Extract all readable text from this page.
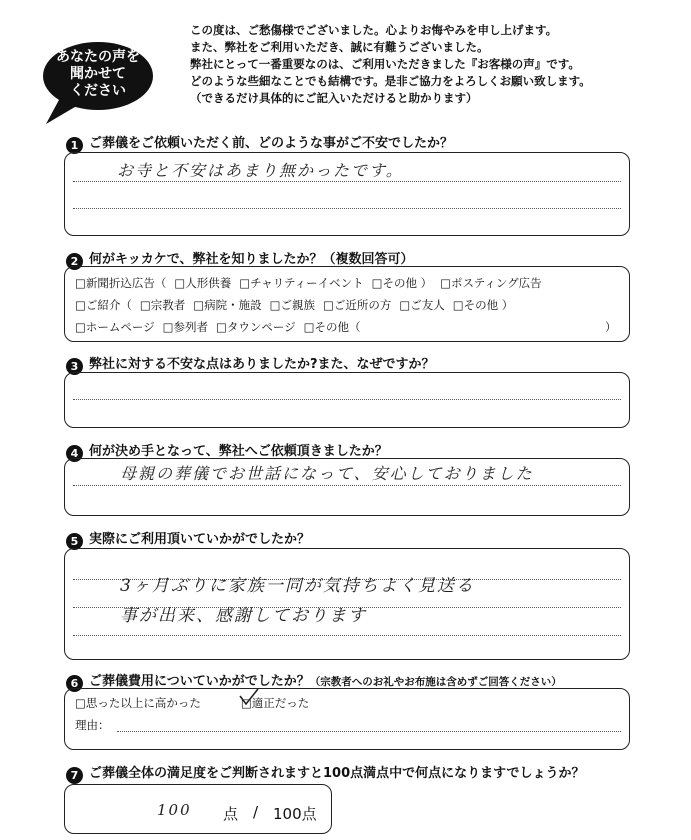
あなたの声を
聞かせて
ください
この度は、ご愁傷様でございました。心よりお悔やみを申し上げます。
また、弊社をご利用いただき、誠に有難うございました。
弊社にとって一番重要なのは、ご利用いただきました『お客様の声』です。
どのような些細なことでも結構です。是非ご協力をよろしくお願い致します。
（できるだけ具体的にご記入いただけると助かります）
1 ご葬儀をご依頼いただく前、どのような事がご不安でしたか？
お寺と不安はあまり無かったです。
2 何がキッカケで、弊社を知りましたか？（複数回答可）
□新聞折込広告（ □人形供養 □チャリティーイベント □その他 ） □ポスティング広告
□ご紹介（ □宗教者 □病院・施設 □ご親族 □ご近所の方 □ご友人 □その他 ）
□ホームページ □参列者 □タウンページ □その他（	）
3 弊社に対する不安な点はありましたか?また、なぜですか？
4 何が決め手となって、弊社へご依頼頂きましたか？
母親の葬儀でお世話になって、安心しておりました
5 実際にご利用頂いていかがでしたか？
3ヶ月ぶりに家族一同が気持ちよく見送る
事が出来、感謝しております
6 ご葬儀費用についていかがでしたか？（宗教者へのお礼やお布施は含めずご回答ください）
□思った以上に高かった	□適正だった
理由：
7 ご葬儀全体の満足度をご判断されますと100点満点中で何点になりますでしょうか？
100 点 / 100点
